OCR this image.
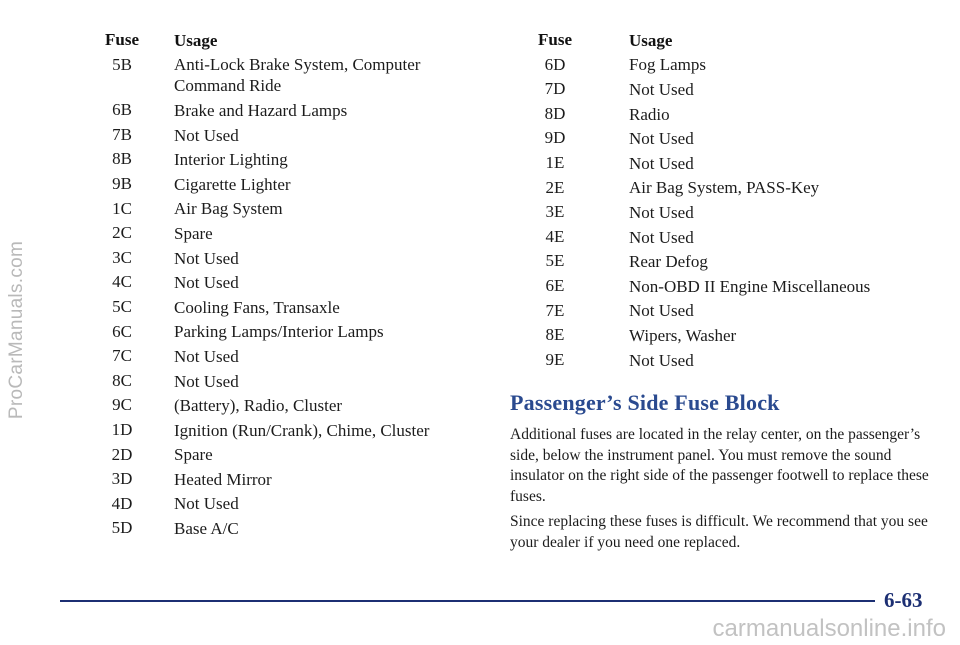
ProCarManuals.com
Fuse	Usage
5B	Anti-Lock Brake System, Computer Command Ride
6B	Brake and Hazard Lamps
7B	Not Used
8B	Interior Lighting
9B	Cigarette Lighter
1C	Air Bag System
2C	Spare
3C	Not Used
4C	Not Used
5C	Cooling Fans, Transaxle
6C	Parking Lamps/Interior Lamps
7C	Not Used
8C	Not Used
9C	(Battery), Radio, Cluster
1D	Ignition (Run/Crank), Chime, Cluster
2D	Spare
3D	Heated Mirror
4D	Not Used
5D	Base A/C
Fuse	Usage
6D	Fog Lamps
7D	Not Used
8D	Radio
9D	Not Used
1E	Not Used
2E	Air Bag System, PASS-Key
3E	Not Used
4E	Not Used
5E	Rear Defog
6E	Non-OBD II Engine Miscellaneous
7E	Not Used
8E	Wipers, Washer
9E	Not Used
Passenger’s Side Fuse Block
Additional fuses are located in the relay center, on the passenger’s side, below the instrument panel. You must remove the sound insulator on the right side of the passenger footwell to replace these fuses.
Since replacing these fuses is difficult. We recommend that you see your dealer if you need one replaced.
6-63
carmanualsonline.info
